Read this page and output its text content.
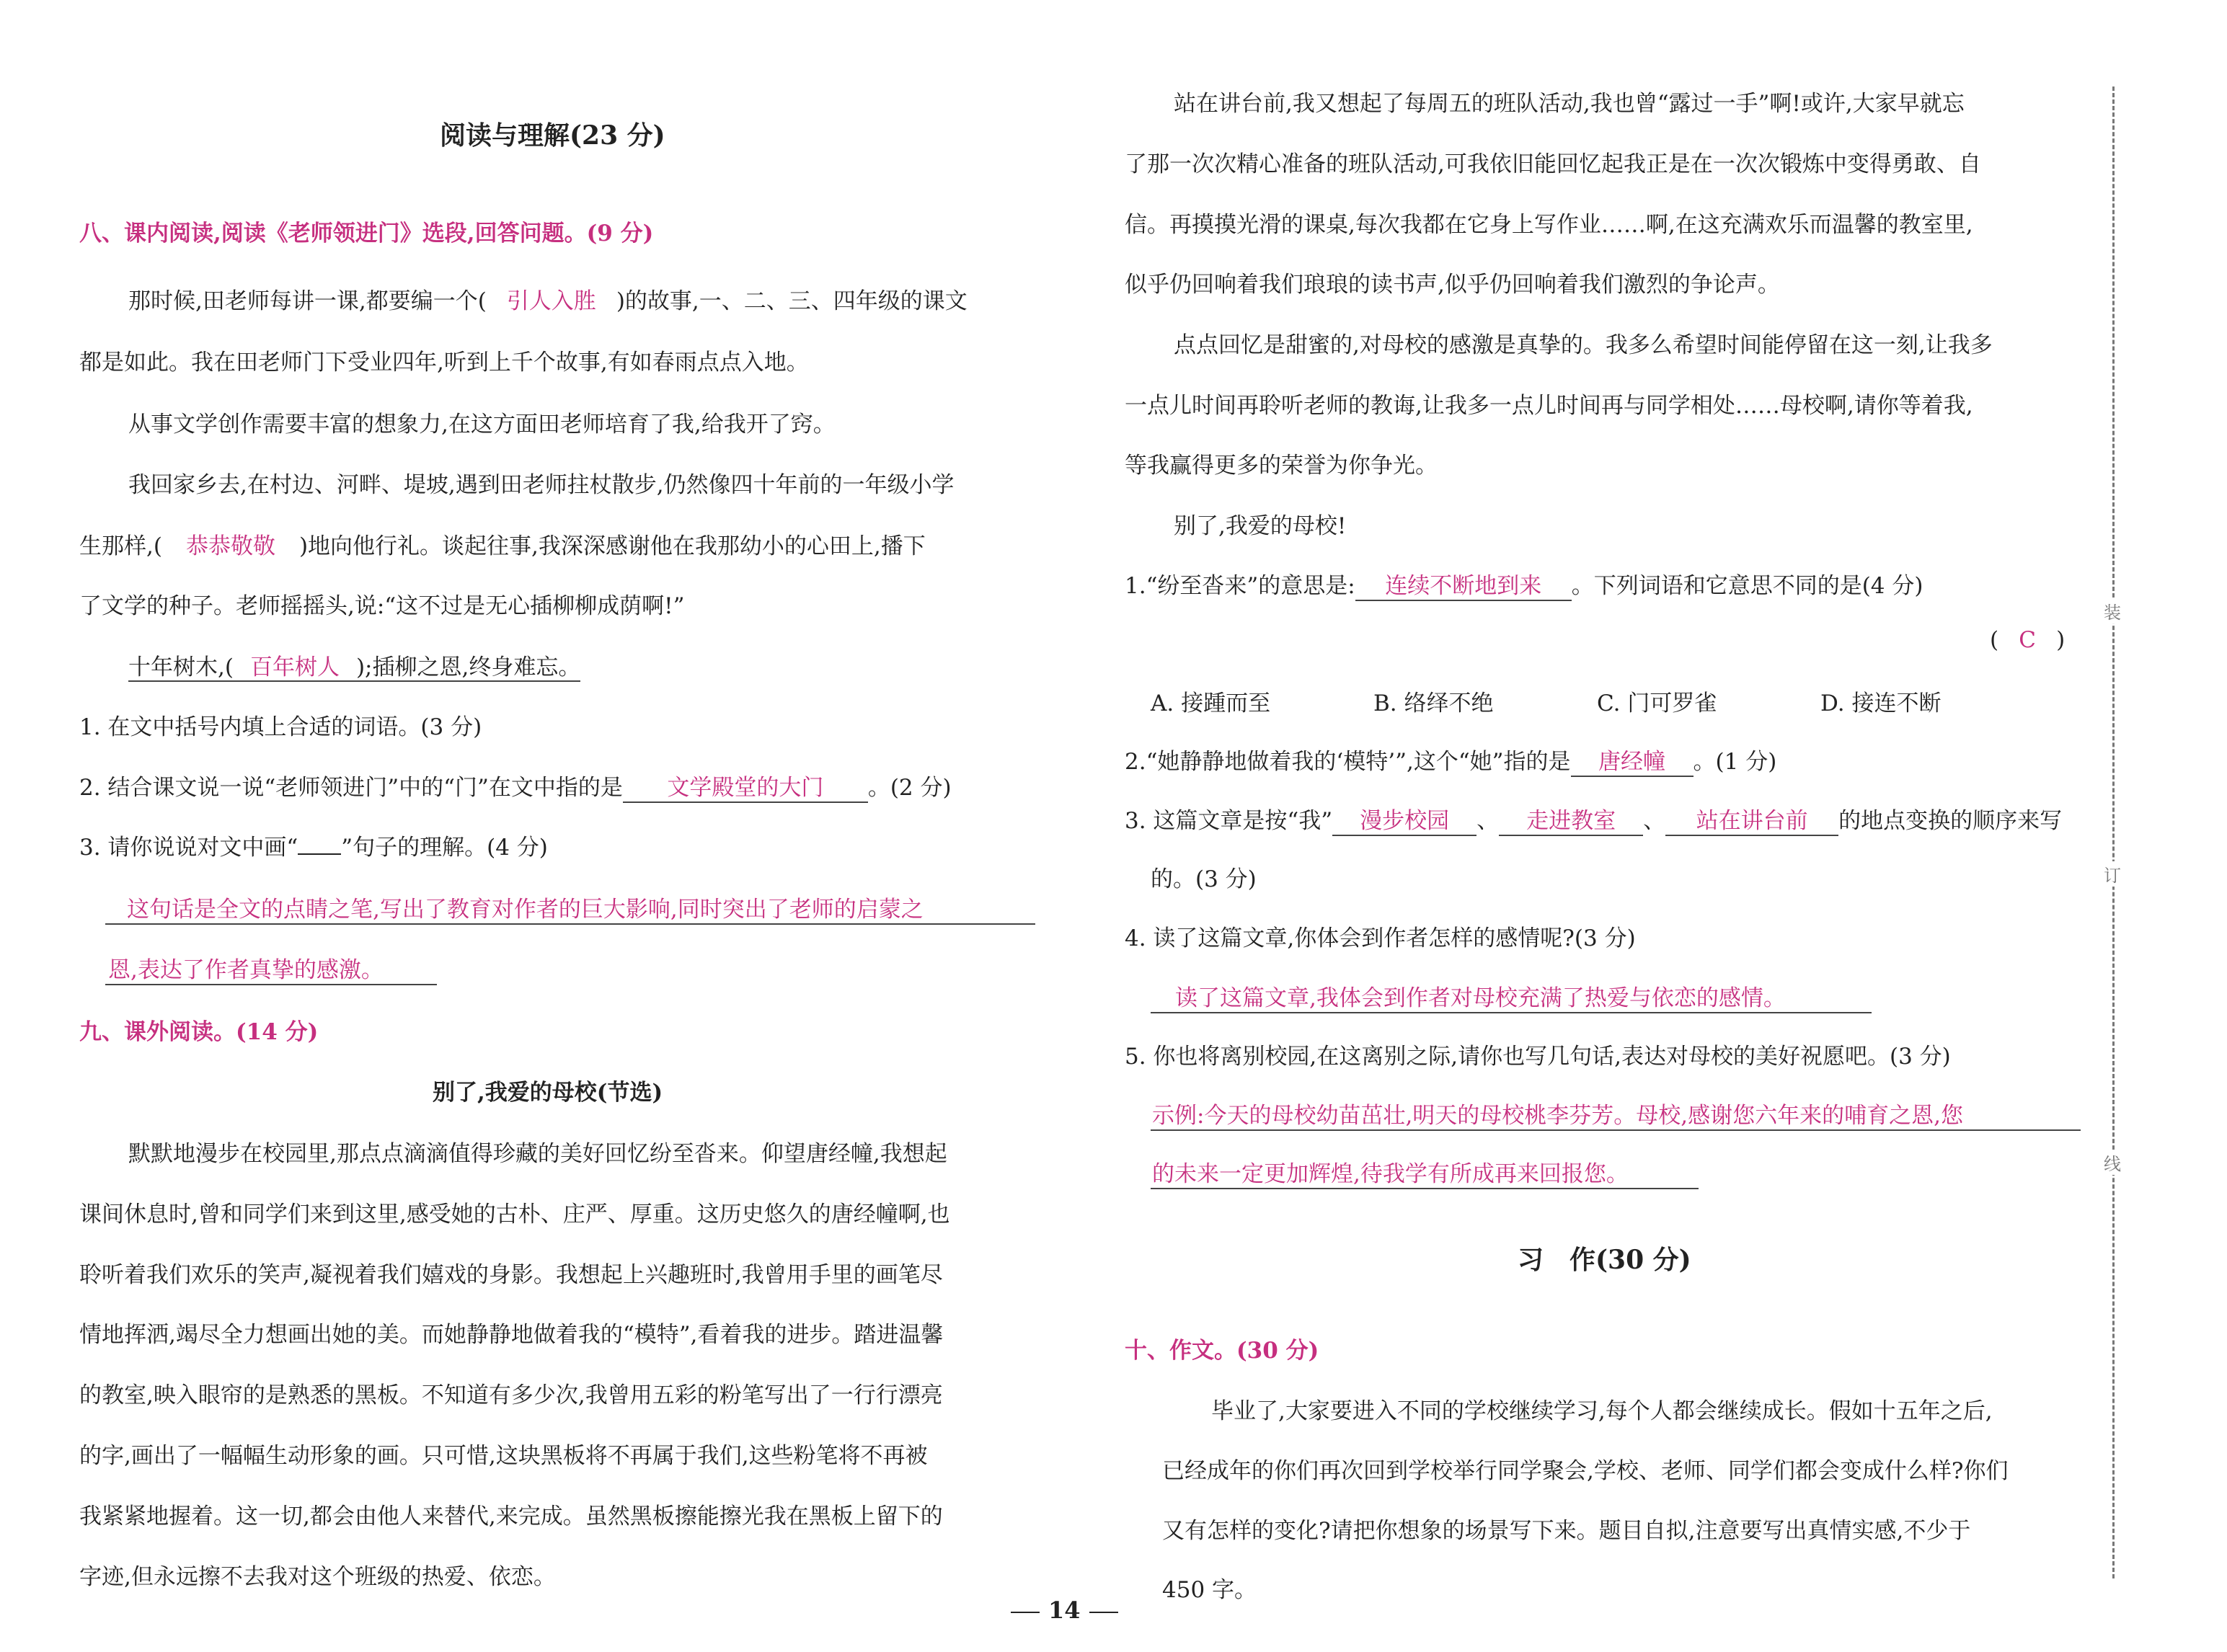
阅读与理解(23 分)
八、课内阅读,阅读《老师领进门》选段,回答问题。(9 分)
那时候,田老师每讲一课,都要编一个( 引人入胜 )的故事,一、二、三、四年级的课文
都是如此。我在田老师门下受业四年,听到上千个故事,有如春雨点点入地。
从事文学创作需要丰富的想象力,在这方面田老师培育了我,给我开了窍。
我回家乡去,在村边、河畔、堤坡,遇到田老师拄杖散步,仍然像四十年前的一年级小学
生那样,( 恭恭敬敬 )地向他行礼。谈起往事,我深深感谢他在我那幼小的心田上,播下
了文学的种子。老师摇摇头,说:“这不过是无心插柳柳成荫啊!”
十年树木,( 百年树人 );插柳之恩,终身难忘。
1. 在文中括号内填上合适的词语。(3 分)
2. 结合课文说一说“老师领进门”中的“门”在文中指的是 文学殿堂的大门 。(2 分)
3. 请你说说对文中画“ ”句子的理解。(4 分)
这句话是全文的点睛之笔,写出了教育对作者的巨大影响,同时突出了老师的启蒙之
恩,表达了作者真挚的感激。
九、课外阅读。(14 分)
别了,我爱的母校(节选)
默默地漫步在校园里,那点点滴滴值得珍藏的美好回忆纷至沓来。仰望唐经幢,我想起
课间休息时,曾和同学们来到这里,感受她的古朴、庄严、厚重。这历史悠久的唐经幢啊,也
聆听着我们欢乐的笑声,凝视着我们嬉戏的身影。我想起上兴趣班时,我曾用手里的画笔尽
情地挥洒,竭尽全力想画出她的美。而她静静地做着我的“模特”,看着我的进步。踏进温馨
的教室,映入眼帘的是熟悉的黑板。不知道有多少次,我曾用五彩的粉笔写出了一行行漂亮
的字,画出了一幅幅生动形象的画。只可惜,这块黑板将不再属于我们,这些粉笔将不再被
我紧紧地握着。这一切,都会由他人来替代,来完成。虽然黑板擦能擦光我在黑板上留下的
字迹,但永远擦不去我对这个班级的热爱、依恋。
站在讲台前,我又想起了每周五的班队活动,我也曾“露过一手”啊!或许,大家早就忘
了那一次次精心准备的班队活动,可我依旧能回忆起我正是在一次次锻炼中变得勇敢、自
信。再摸摸光滑的课桌,每次我都在它身上写作业……啊,在这充满欢乐而温馨的教室里,
似乎仍回响着我们琅琅的读书声,似乎仍回响着我们激烈的争论声。
点点回忆是甜蜜的,对母校的感激是真挚的。我多么希望时间能停留在这一刻,让我多
一点儿时间再聆听老师的教诲,让我多一点儿时间再与同学相处……母校啊,请你等着我,
等我赢得更多的荣誉为你争光。
别了,我爱的母校!
1.“纷至沓来”的意思是: 连续不断地到来 。下列词语和它意思不同的是(4 分)
( C )
A. 接踵而至	B. 络绎不绝	C. 门可罗雀	D. 接连不断
2.“她静静地做着我的‘模特’”,这个“她”指的是 唐经幢 。(1 分)
3. 这篇文章是按“我” 漫步校园 、 走进教室 、 站在讲台前 的地点变换的顺序来写
的。(3 分)
4. 读了这篇文章,你体会到作者怎样的感情呢?(3 分)
读了这篇文章,我体会到作者对母校充满了热爱与依恋的感情。
5. 你也将离别校园,在这离别之际,请你也写几句话,表达对母校的美好祝愿吧。(3 分)
示例:今天的母校幼苗茁壮,明天的母校桃李芬芳。母校,感谢您六年来的哺育之恩,您
的未来一定更加辉煌,待我学有所成再来回报您。
习　作(30 分)
十、作文。(30 分)
毕业了,大家要进入不同的学校继续学习,每个人都会继续成长。假如十五年之后,
已经成年的你们再次回到学校举行同学聚会,学校、老师、同学们都会变成什么样?你们
又有怎样的变化?请把你想象的场景写下来。题目自拟,注意要写出真情实感,不少于
450 字。
装
订
线
14
